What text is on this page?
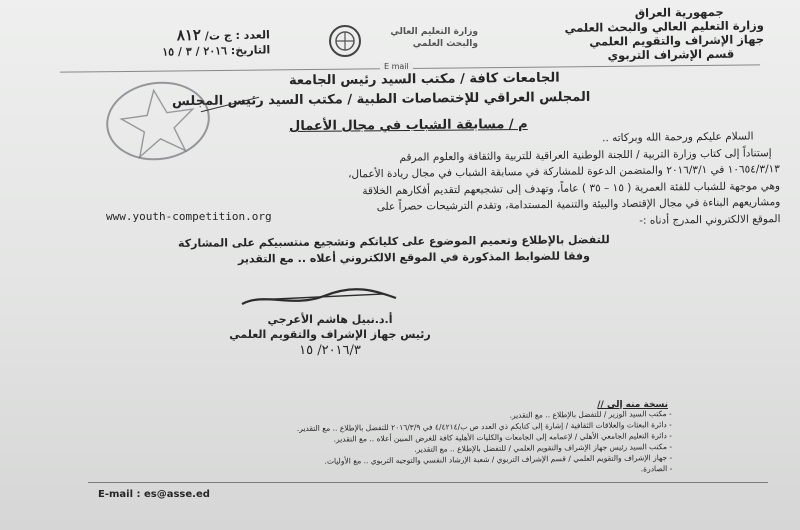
جمهورية العراق
وزارة التعليم العالي والبحث العلمي
جهاز الإشراف والتقويم العلمي
قسم الإشراف التربوي
وزارة التعليم العالي
والبحث العلمي
العدد : ج ت/ ٨١٢
التاريخ: ٢٠١٦ / ٣ / ١٥
E mail
الجامعات كافة / مكتب السيد رئيس الجامعة
المجلس العراقي للإختصاصات الطبية / مكتب السيد رئيس المجلس
م / مسابقة الشباب في مجال الأعمال
السلام عليكم ورحمة الله وبركاته ..
إستناداً إلى كتاب وزارة التربية / اللجنة الوطنية العراقية للتربية والثقافة والعلوم المرقم
١٠٦٥٤/٣/١٣ في ٢٠١٦/٣/١ والمتضمن الدعوة للمشاركة في مسابقة الشباب في مجال ريادة الأعمال،
وهي موجهة للشباب للفئة العمرية ( ١٥ – ٣٥ ) عاماً، وتهدف إلى تشجيعهم لتقديم أفكارهم الخلاقة
ومشاريعهم البناءة في مجال الإقتصاد والبيئة والتنمية المستدامة، وتقدم الترشيحات حصراً على
الموقع الالكتروني المدرج أدناه :-
www.youth-competition.org
للتفضل بالإطلاع وتعميم الموضوع على كلياتكم وتشجيع منتسبيكم على المشاركة
وفقا للضوابط المذكورة في الموقع الالكتروني أعلاه .. مع التقدير
أ.د.نبيل هاشم الأعرجي
رئيس جهاز الإشراف والتقويم العلمي
٢٠١٦/٣/ ١٥
نسخة منه إلى //
- مكتب السيد الوزير / للتفضل بالإطلاع .. مع التقدير.
- دائرة البعثات والعلاقات الثقافية / إشارة إلى كتابكم ذي العدد ص ب/٤/٤٢١٤ في ٢٠١٦/٣/٩ للتفضل بالإطلاع .. مع التقدير.
- دائرة التعليم الجامعي الأهلي / لإعمامه إلى الجامعات والكليات الأهلية كافة للغرض المبين أعلاه .. مع التقدير.
- مكتب السيد رئيس جهاز الإشراف والتقويم العلمي / للتفضل بالإطلاع .. مع التقدير.
- جهاز الإشراف والتقويم العلمي / قسم الإشراف التربوي / شعبة الإرشاد النفسي والتوجيه التربوي .. مع الأوليات.
- الصادرة.
E-mail : es@asse.ed
